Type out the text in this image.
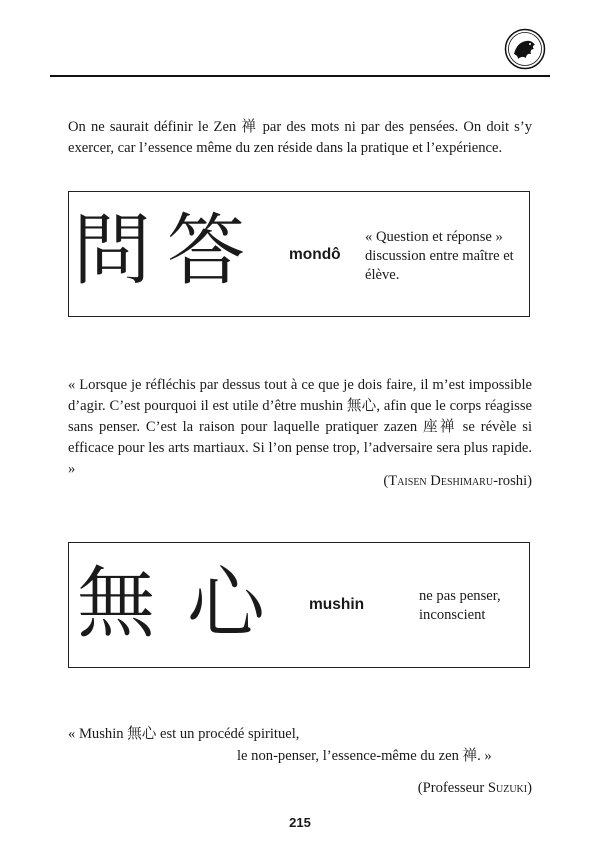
On ne saurait définir le Zen 禅 par des mots ni par des pensées. On doit s’y exercer, car l’essence même du zen réside dans la pratique et l’expérience.

問答 mondô
« Question et réponse » discussion entre maître et élève.

« Lorsque je réfléchis par dessus tout à ce que je dois faire, il m’est impossible d’agir. C’est pourquoi il est utile d’être mushin 無心, afin que le corps réagisse sans penser. C’est la raison pour laquelle pratiquer zazen 座禅 se révèle si efficace pour les arts martiaux. Si l’on pense trop, l’adversaire sera plus rapide. »

(Taisen Deshimaru-roshi)
無心 mushin	ne pas penser, inconscient
« Mushin 無心 est un procédé spirituel,
le non-penser, l’essence-même du zen 禅. »
(Professeur Suzuki)
215
